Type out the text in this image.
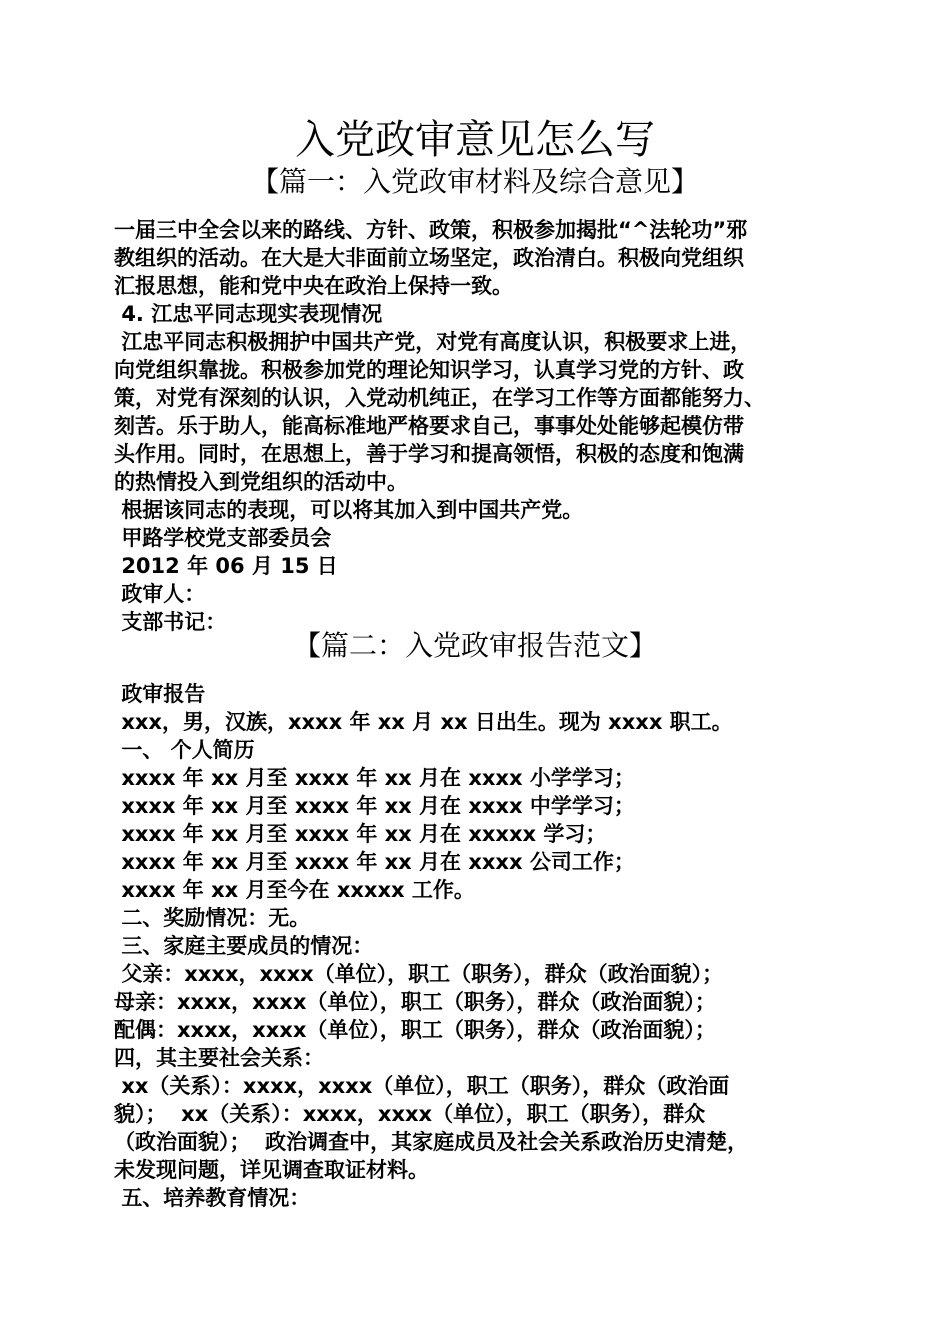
入党政审意见怎么写
【篇一：入党政审材料及综合意见】

一届三中全会以来的路线、方针、政策，积极参加揭批“^法轮功”邪

教组织的活动。在大是大非面前立场坚定，政治清白。积极向党组织

汇报思想，能和党中央在政治上保持一致。

4. 江忠平同志现实表现情况

江忠平同志积极拥护中国共产党，对党有高度认识，积极要求上进，

向党组织靠拢。积极参加党的理论知识学习，认真学习党的方针、政

策，对党有深刻的认识，入党动机纯正，在学习工作等方面都能努力、

刻苦。乐于助人，能高标准地严格要求自己，事事处处能够起模仿带

头作用。同时，在思想上，善于学习和提高领悟，积极的态度和饱满

的热情投入到党组织的活动中。

根据该同志的表现，可以将其加入到中国共产党。

甲路学校党支部委员会

2012 年 06 月 15 日

政审人：

支部书记：

【篇二：入党政审报告范文】

政审报告

xxx，男，汉族，xxxx 年 xx 月 xx 日出生。现为 xxxx 职工。

一、 个人简历

xxxx 年 xx 月至 xxxx 年 xx 月在 xxxx 小学学习；

xxxx 年 xx 月至 xxxx 年 xx 月在 xxxx 中学学习；

xxxx 年 xx 月至 xxxx 年 xx 月在 xxxxx 学习；

xxxx 年 xx 月至 xxxx 年 xx 月在 xxxx 公司工作；

xxxx 年 xx 月至今在 xxxxx 工作。

二、奖励情况：无。

三、家庭主要成员的情况：

父亲：xxxx，xxxx（单位），职工（职务），群众（政治面貌）；

母亲：xxxx，xxxx（单位），职工（职务），群众（政治面貌）；

配偶：xxxx，xxxx（单位），职工（职务），群众（政治面貌）；

四，其主要社会关系：

xx（关系）：xxxx，xxxx（单位），职工（职务），群众（政治面

貌）；  xx（关系）：xxxx，xxxx（单位），职工（职务），群众

（政治面貌）；  政治调查中，其家庭成员及社会关系政治历史清楚，

未发现问题，详见调查取证材料。

五、培养教育情况：
